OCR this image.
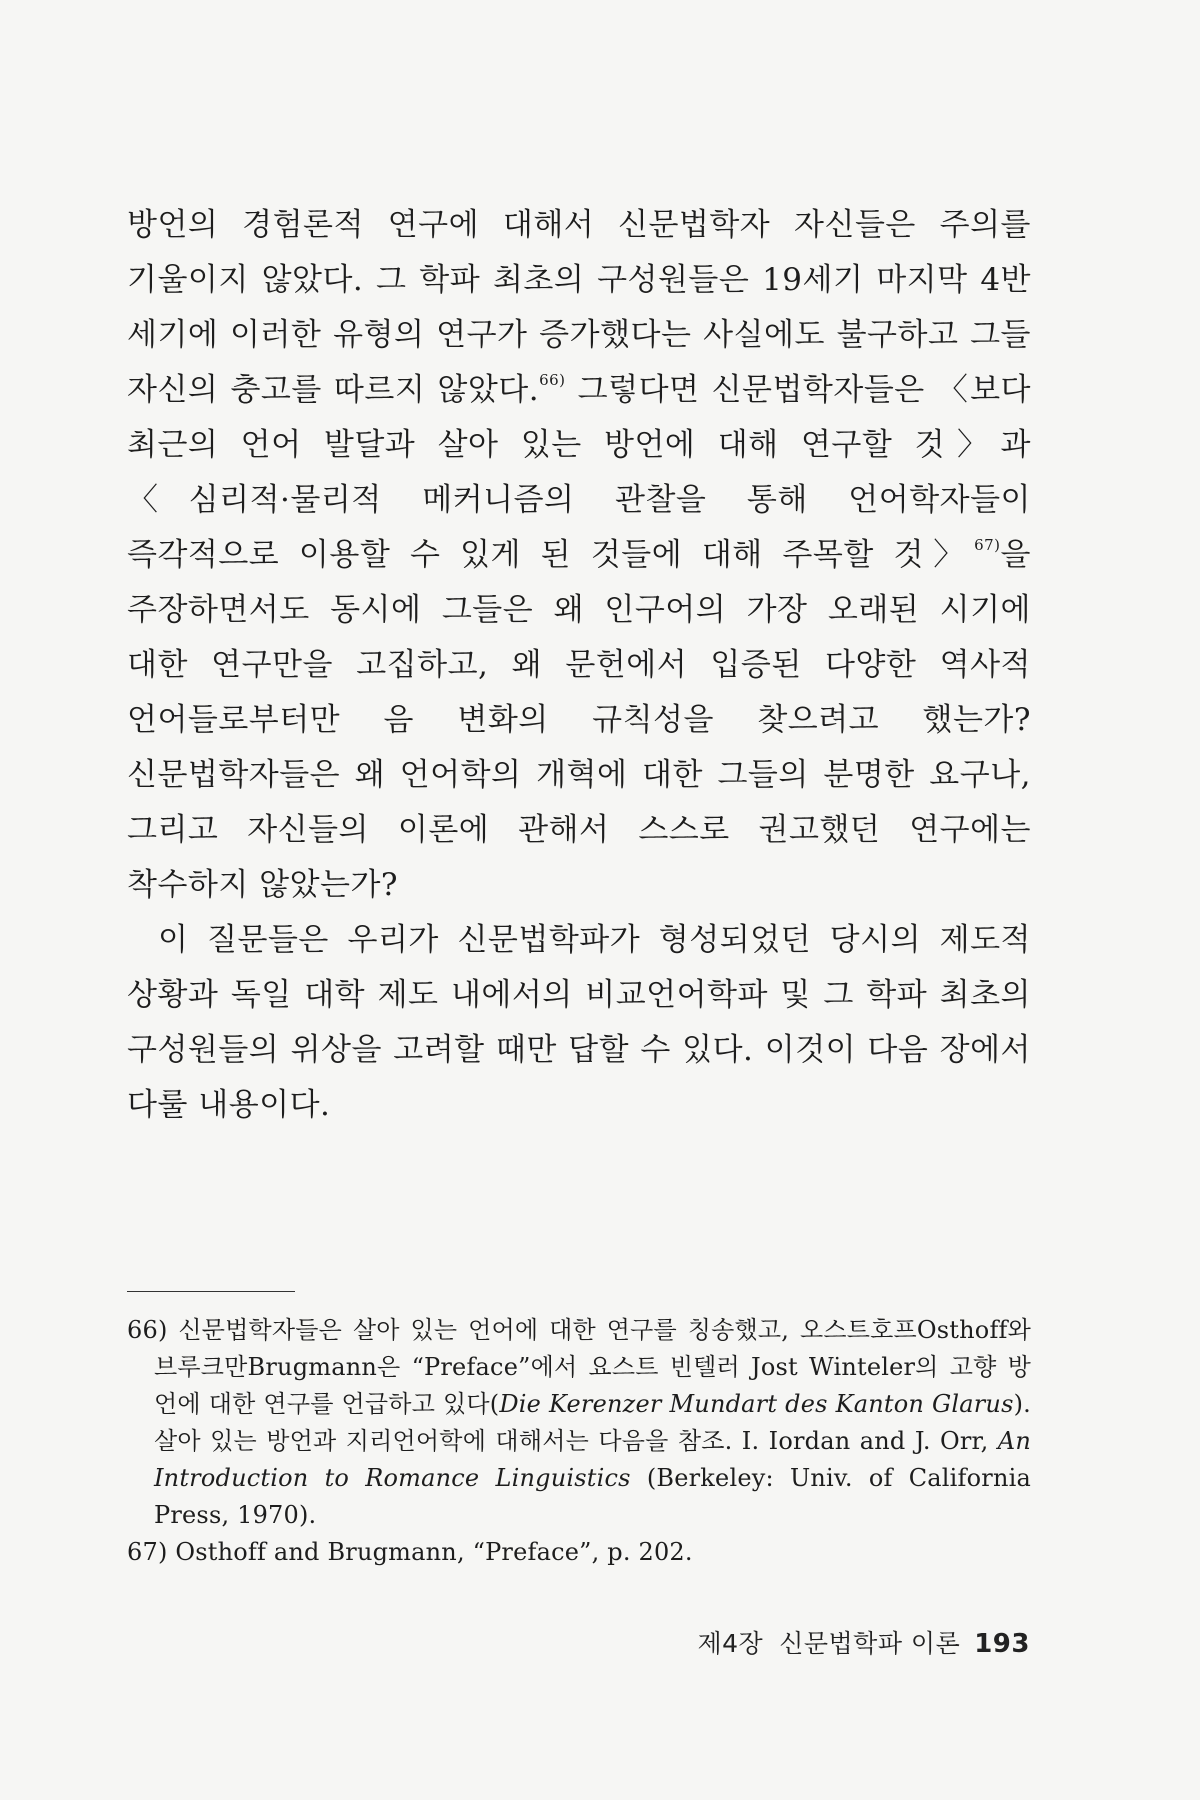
방언의 경험론적 연구에 대해서 신문법학자 자신들은 주의를 기울이지 않았다. 그 학파 최초의 구성원들은 19세기 마지막 4반 세기에 이러한 유형의 연구가 증가했다는 사실에도 불구하고 그들 자신의 충고를 따르지 않았다.$^{66)}$ 그렇다면 신문법학자들은 〈보다 최근의 언어 발달과 살아 있는 방언에 대해 연구할 것〉과 〈심리적·물리적 메커니즘의 관찰을 통해 언어학자들이 즉각적으로 이용할 수 있게 된 것들에 대해 주목할 것〉$^{67)}$을 주장하면서도 동시에 그들은 왜 인구어의 가장 오래된 시기에 대한 연구만을 고집하고, 왜 문헌에서 입증된 다양한 역사적 언어들로부터만 음 변화의 규칙성을 찾으려고 했는가? 신문법학자들은 왜 언어학의 개혁에 대한 그들의 분명한 요구나, 그리고 자신들의 이론에 관해서 스스로 권고했던 연구에는 착수하지 않았는가?

이 질문들은 우리가 신문법학파가 형성되었던 당시의 제도적 상황과 독일 대학 제도 내에서의 비교언어학파 및 그 학파 최초의 구성원들의 위상을 고려할 때만 답할 수 있다. 이것이 다음 장에서 다룰 내용이다.

66) 신문법학자들은 살아 있는 언어에 대한 연구를 칭송했고, 오스트호프Osthoff와 브루크만Brugmann은 “Preface”에서 요스트 빈텔러 Jost Winteler의 고향 방언에 대한 연구를 언급하고 있다(Die Kerenzer Mundart des Kanton Glarus). 살아 있는 방언과 지리언어학에 대해서는 다음을 참조. I. Iordan and J. Orr, An Introduction to Romance Linguistics (Berkeley: Univ. of California Press, 1970).

67) Osthoff and Brugmann, “Preface”, p. 202.

제4장 신문법학파 이론 193
